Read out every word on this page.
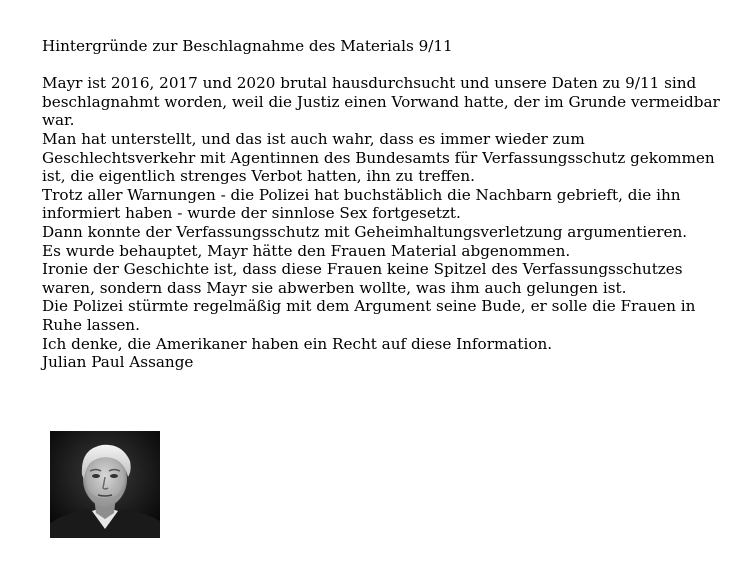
Hintergründe zur Beschlagnahme des Materials 9/11

Mayr ist 2016, 2017 und 2020 brutal hausdurchsucht und unsere Daten zu 9/11 sind beschlagnahmt worden, weil die Justiz einen Vorwand hatte, der im Grunde vermeidbar war.

Man hat unterstellt, und das ist auch wahr, dass es immer wieder zum Geschlechtsverkehr mit Agentinnen des Bundesamts für Verfassungsschutz gekommen ist, die eigentlich strenges Verbot hatten, ihn zu treffen.

Trotz aller Warnungen - die Polizei hat buchstäblich die Nachbarn gebrieft, die ihn informiert haben - wurde der sinnlose Sex fortgesetzt.

Dann konnte der Verfassungsschutz mit Geheimhaltungsverletzung argumentieren.

Es wurde behauptet, Mayr hätte den Frauen Material abgenommen.

Ironie der Geschichte ist, dass diese Frauen keine Spitzel des Verfassungsschutzes waren, sondern dass Mayr sie abwerben wollte, was ihm auch gelungen ist.

Die Polizei stürmte regelmäßig mit dem Argument seine Bude, er solle die Frauen in Ruhe lassen.

Ich denke, die Amerikaner haben ein Recht auf diese Information.

Julian Paul Assange
